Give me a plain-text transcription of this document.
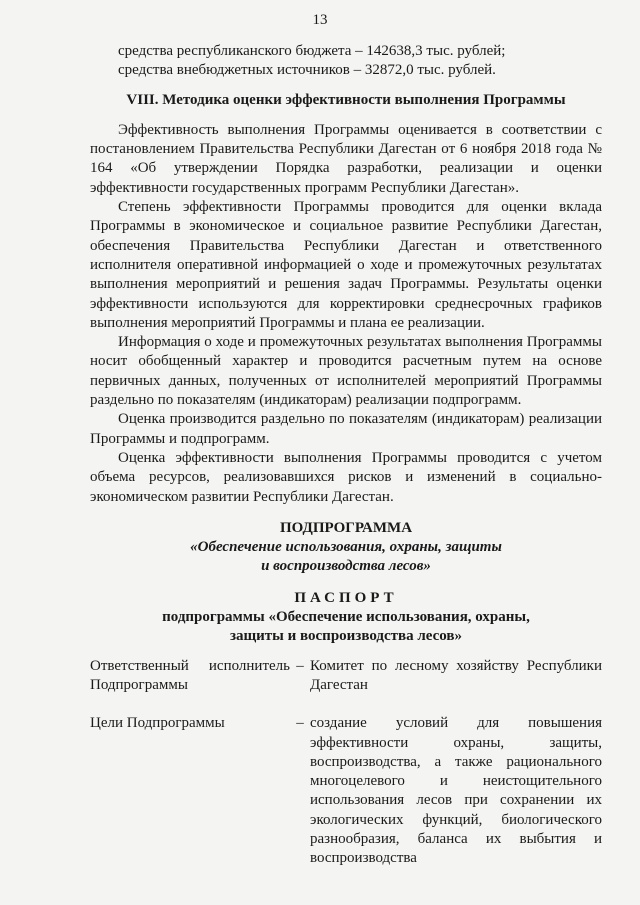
13

средства республиканского бюджета – 142638,3 тыс. рублей;

средства внебюджетных источников – 32872,0 тыс. рублей.

VIII. Методика оценки эффективности выполнения Программы

Эффективность выполнения Программы оценивается в соответствии с постановлением Правительства Республики Дагестан от 6 ноября 2018 года № 164 «Об утверждении Порядка разработки, реализации и оценки эффективности государственных программ Республики Дагестан».

Степень эффективности Программы проводится для оценки вклада Программы в экономическое и социальное развитие Республики Дагестан, обеспечения Правительства Республики Дагестан и ответственного исполнителя оперативной информацией о ходе и промежуточных результатах выполнения мероприятий и решения задач Программы. Результаты оценки эффективности используются для корректировки среднесрочных графиков выполнения мероприятий Программы и плана ее реализации.

Информация о ходе и промежуточных результатах выполнения Программы носит обобщенный характер и проводится расчетным путем на основе первичных данных, полученных от исполнителей мероприятий Программы раздельно по показателям (индикаторам) реализации подпрограмм.

Оценка производится раздельно по показателям (индикаторам) реализации Программы и подпрограмм.

Оценка эффективности выполнения Программы проводится с учетом объема ресурсов, реализовавшихся рисков и изменений в социально-экономическом развитии Республики Дагестан.

ПОДПРОГРАММА

«Обеспечение использования, охраны, защиты

и воспроизводства лесов»

ПАСПОРТ

подпрограммы «Обеспечение использования, охраны,

защиты и воспроизводства лесов»

Ответственный исполнитель Подпрограммы
– Комитет по лесному хозяйству Республики Дагестан
Цели Подпрограммы	– создание условий для повышения эффективности охраны, защиты, воспроизводства, а также рационального многоцелевого и неистощительного использования лесов при сохранении их экологических функций, биологического разнообразия, баланса их выбытия и воспроизводства
